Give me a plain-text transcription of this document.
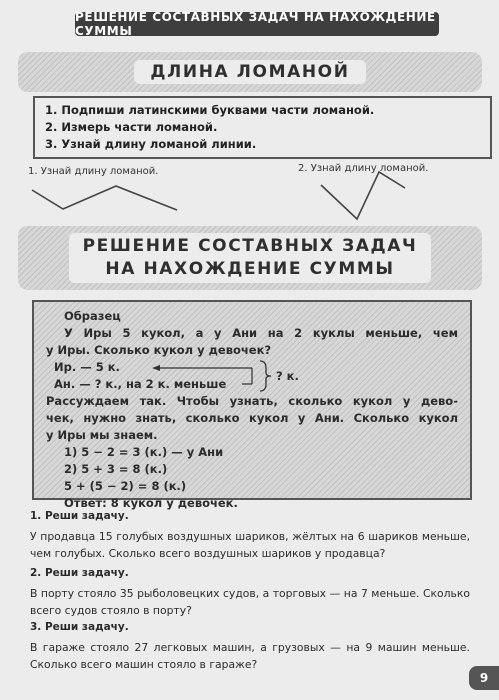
РЕШЕНИЕ СОСТАВНЫХ ЗАДАЧ НА НАХОЖДЕНИЕ СУММЫ
ДЛИНА ЛОМАНОЙ
1. Подпиши латинскими буквами части ломаной.
2. Измерь части ломаной.
3. Узнай длину ломаной линии.
1. Узнай длину ломаной.	2. Узнай длину ломаной.
РЕШЕНИЕ СОСТАВНЫХ ЗАДАЧ
НА НАХОЖДЕНИЕ СУММЫ
Образец
У Иры 5 кукол, а у Ани на 2 куклы меньше, чем
у Иры. Сколько кукол у девочек?
Ир. — 5 к.
Ан. — ? к., на 2 к. меньше
? к.
Рассуждаем так. Чтобы узнать, сколько кукол у дево-
чек, нужно знать, сколько кукол у Ани. Сколько кукол
у Иры мы знаем.
1) 5 − 2 = 3 (к.) — у Ани
2) 5 + 3 = 8 (к.)
5 + (5 − 2) = 8 (к.)
Ответ: 8 кукол у девочек.
1. Реши задачу.
У продавца 15 голубых воздушных шариков, жёлтых на 6 шариков меньше, чем голубых. Сколько всего воздушных шариков у продавца?
2. Реши задачу.
В порту стояло 35 рыболовецких судов, а торговых — на 7 меньше. Сколько всего судов стояло в порту?
3. Реши задачу.
В гараже стояло 27 легковых машин, а грузовых — на 9 машин меньше. Сколько всего машин стояло в гараже?
9
